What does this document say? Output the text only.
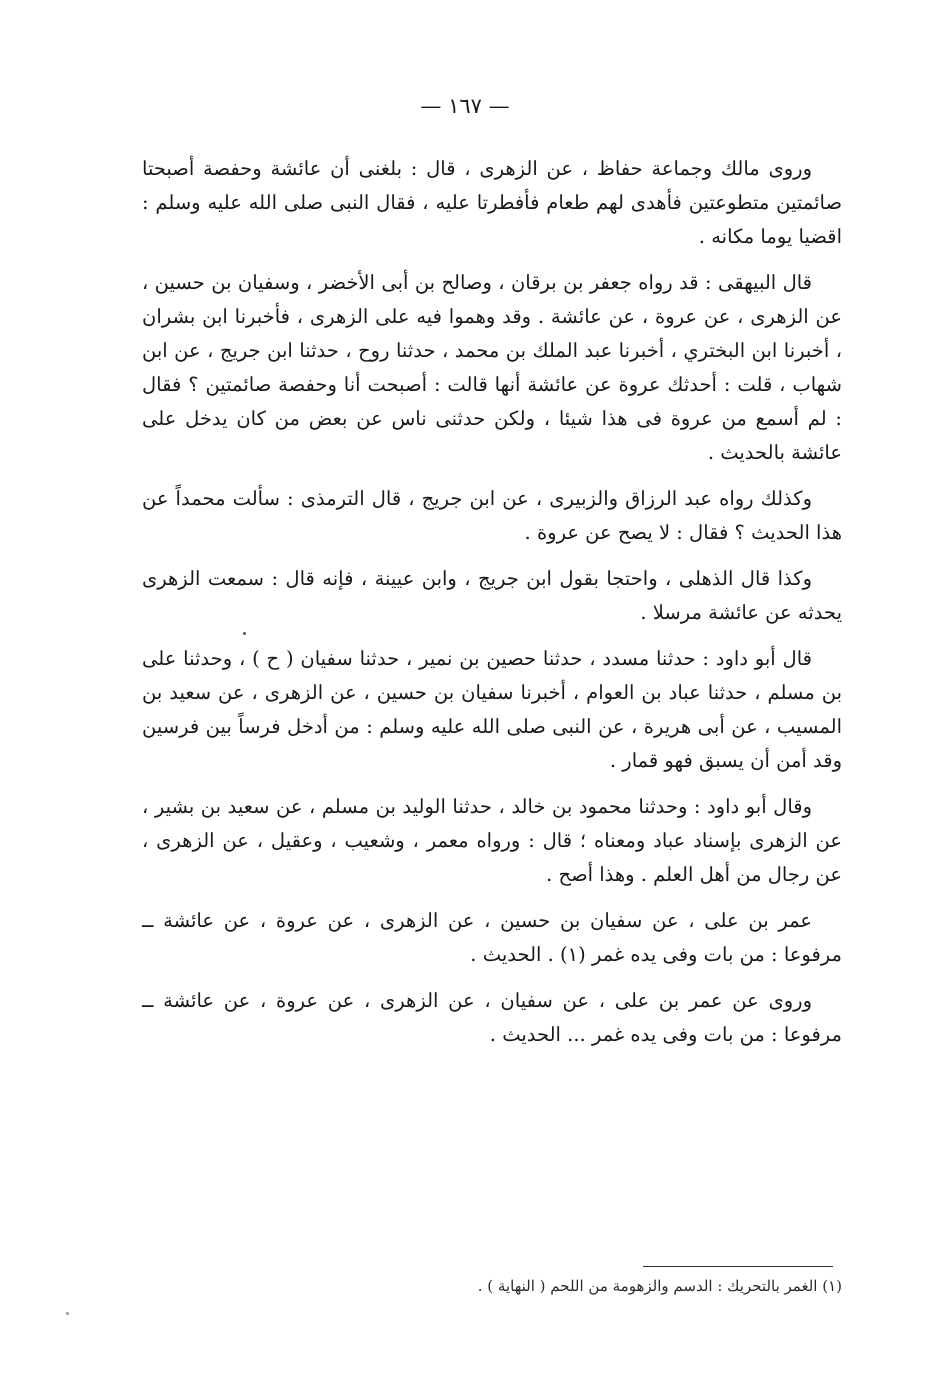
— ١٦٧ —

وروى مالك وجماعة حفاظ ، عن الزهرى ، قال : بلغنى أن عائشة وحفصة أصبحتا صائمتين متطوعتين فأهدى لهم طعام فأفطرتا عليه ، فقال النبى صلى الله عليه وسلم : اقضيا يوما مكانه .

قال البيهقى : قد رواه جعفر بن برقان ، وصالح بن أبى الأخضر ، وسفيان بن حسين ، عن الزهرى ، عن عروة ، عن عائشة . وقد وهموا فيه على الزهرى ، فأخبرنا ابن بشران ، أخبرنا ابن البختري ، أخبرنا عبد الملك بن محمد ، حدثنا روح ، حدثنا ابن جريج ، عن ابن شهاب ، قلت : أحدثك عروة عن عائشة أنها قالت : أصبحت أنا وحفصة صائمتين ؟ فقال : لم أسمع من عروة فى هذا شيئا ، ولكن حدثنى ناس عن بعض من كان يدخل على عائشة بالحديث .

وكذلك رواه عبد الرزاق والزبيرى ، عن ابن جريج ، قال الترمذى : سألت محمداً عن هذا الحديث ؟ فقال : لا يصح عن عروة .

وكذا قال الذهلى ، واحتجا بقول ابن جريج ، وابن عيينة ، فإنه قال : سمعت الزهرى يحدثه عن عائشة مرسلا .

قال أبو داود : حدثنا مسدد ، حدثنا حصين بن نمير ، حدثنا سفيان ( ح ) ، وحدثنا على بن مسلم ، حدثنا عباد بن العوام ، أخبرنا سفيان بن حسين ، عن الزهرى ، عن سعيد بن المسيب ، عن أبى هريرة ، عن النبى صلى الله عليه وسلم : من أدخل فرساً بين فرسين وقد أمن أن يسبق فهو قمار .

وقال أبو داود : وحدثنا محمود بن خالد ، حدثنا الوليد بن مسلم ، عن سعيد بن بشير ، عن الزهرى بإسناد عباد ومعناه ؛ قال : ورواه معمر ، وشعيب ، وعقيل ، عن الزهرى ، عن رجال من أهل العلم . وهذا أصح .

عمر بن على ، عن سفيان بن حسين ، عن الزهرى ، عن عروة ، عن عائشة ــ مرفوعا : من بات وفى يده غمر (١) . الحديث .

وروى عن عمر بن على ، عن سفيان ، عن الزهرى ، عن عروة ، عن عائشة ــ مرفوعا : من بات وفى يده غمر ... الحديث .

(١) الغمر بالتحريك : الدسم والزهومة من اللحم ( النهاية ) .
